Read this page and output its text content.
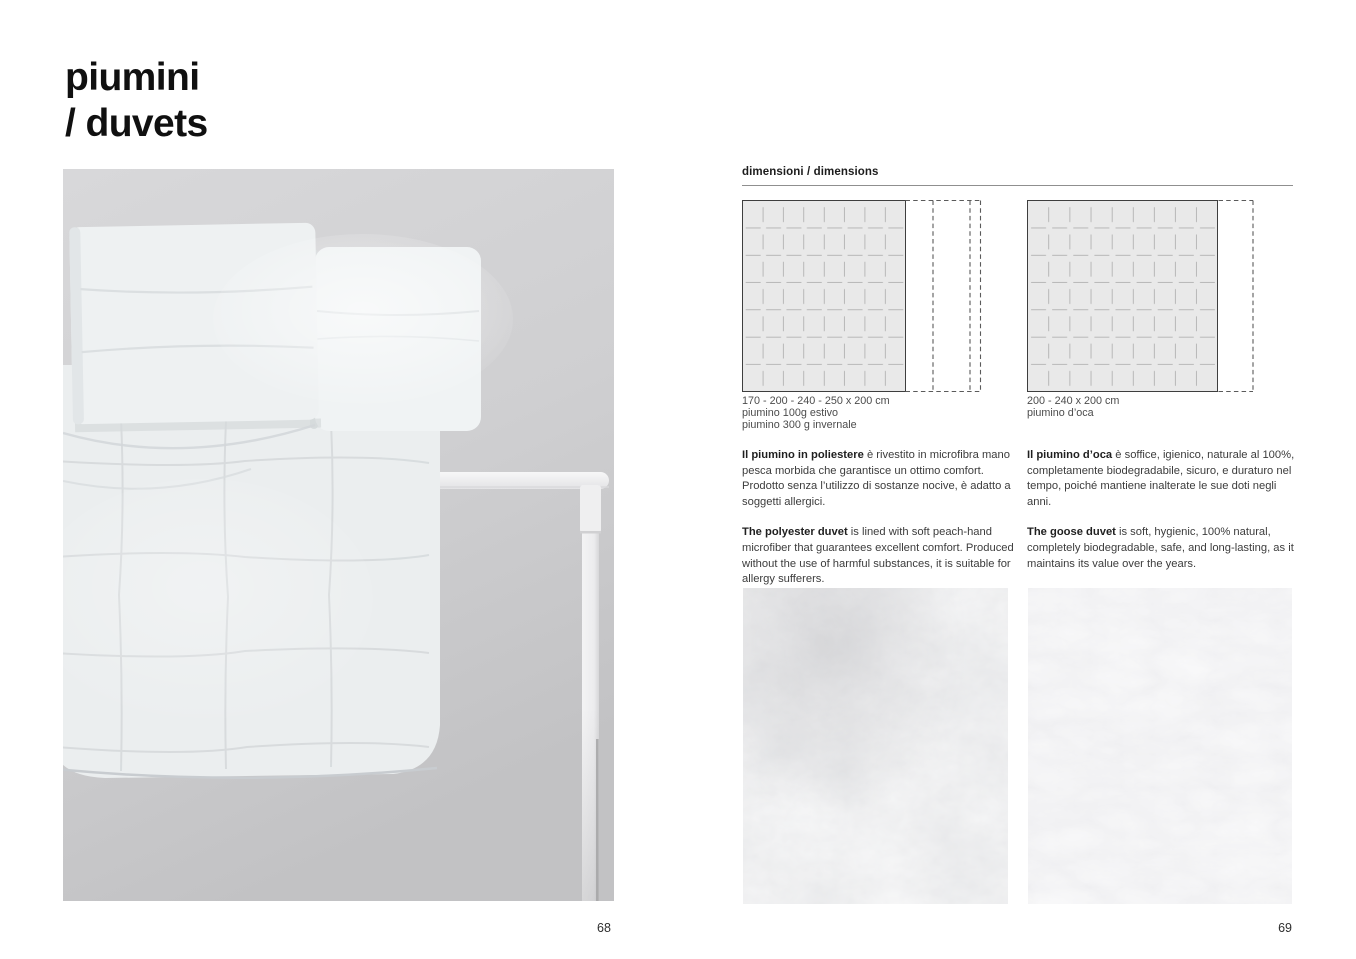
piumini
/ duvets
dimensioni / dimensions
170 - 200 - 240 - 250 x 200 cm
piumino 100g estivo
piumino 300 g invernale
200 - 240 x 200 cm
piumino d’oca

Il piumino in poliestere è rivestito in microfibra mano pesca morbida che garantisce un ottimo comfort. Prodotto senza l’utilizzo di sostanze nocive, è adatto a soggetti allergici.

The polyester duvet is lined with soft peach-hand microfiber that guarantees excellent comfort. Produced without the use of harmful substances, it is suitable for allergy sufferers.

Il piumino d’oca è soffice, igienico, naturale al 100%, completamente biodegradabile, sicuro, e duraturo nel tempo, poiché mantiene inalterate le sue doti negli anni.

The goose duvet is soft, hygienic, 100% natural, completely biodegradable, safe, and long-lasting, as it maintains its value over the years.

68	69
